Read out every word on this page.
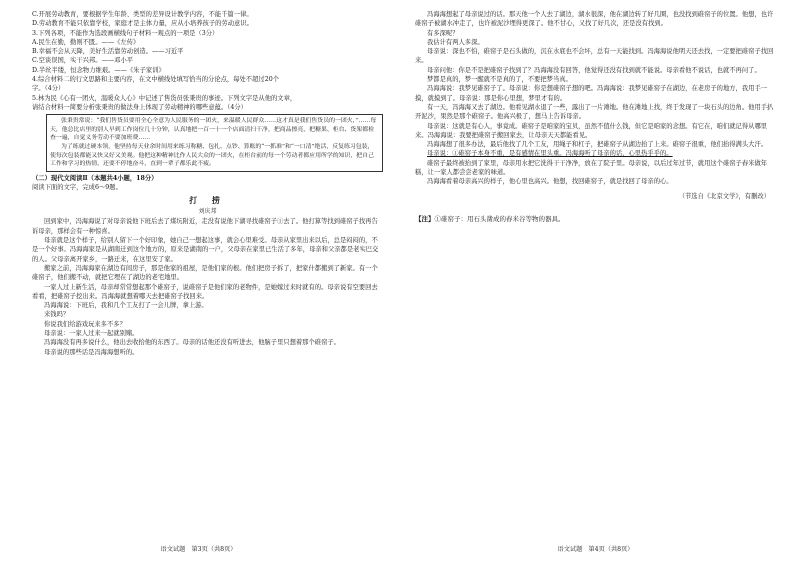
C.开展劳动教育，要根据学生年龄、类型的差异设计教学内容，不能千篇一律。

D.劳动教育不能只依靠学校，家庭才是主体力量，应从小培养孩子的劳动意识。

3.下列各项，不能作为选段画横线句子材料一观点的一项是（3分）

A.民生在勤，勤则不匮。——《左传》

B.幸福不会从天降，美好生活靠劳动创造。——习近平

C.空谈误国，实干兴邦。——邓小平

D.半丝半缕，恒念物力维艰。——《朱子家训》

4.综合材料二的行文思路和主要内容，在文中横线处填写恰当的分论点，每处不超过20个

字。（4分）

5.林为民《心有一团火，温暖众人心》中记述了售货员张秉贵的事迹。下列文字是从他的文章，

请结合材料一简要分析张秉贵的做法身上体现了劳动精神的哪些意蕴。（4分）

张秉贵常说：“我们售货员要用全心全意为人民服务的一团火，来温暖人民群众……这才真是我们售货员的一团火，”……每天，他总比店里的别人早到工作岗位几十分钟，认真地把一百一十一个店面清扫干净，把商品擦亮，把糖果、柜台、货架都检查一遍，自觉义务劳动不要加班费……

为了练就过硬本领，他坚持每天业余时间用来练习称糖、包扎、点钞、算账的“一抓准”和“一口清”绝活，反复练习包装，使每次包装都能又快又好又美观。他把这种精神比作人民大众的一团火，在柜台前的每一个劳动者都应用所学的知识，把自己工作和学习的热情，还要不停地奋斗，直到一辈子都乐此不疲。

（二）现代文阅读Ⅱ（本题共4小题，18分）

阅读下面的文字，完成6～9题。

打 捞

刘庆邦

回到家中，冯海海说了对母亲说他下班后去了煤坑附近，走没有说他下湖寻找碓窑子①去了。他打算等找到碓窑子找再告诉母亲，那样会有一种惊喜。

母亲就是这个样子，给别人留下一个好印象，她自己一想起这事，就会心里难受。母亲从家里出来以后，总是闷闷的，不是一个好事。冯海海家是从湖南迁到这个地方的，原来是湖南的一户，父母亲在家里已生活了多年，母亲和父亲都是老实巴交的人。父母亲离开家乡，一路迁来，在这里安了家。

搬家之前，冯海海家在湖边有间房子，那是他家的祖屋，是他们家的根。他们把房子拆了，把家什都搬到了新家。有一个碓窑子，他们搬不动，就把它埋在了湖边的老宅地里。

一家人过上新生活，母亲却常常想起那个碓窑子，说碓窑子是他们家的老物件，是她嫁过来时就有的。母亲说有空要回去看看，把碓窑子挖出来。冯海海就想着哪天去把碓窑子找回来。

冯海海说：下班后，我和几个工友打了一会儿牌，拿上游。

来钱吗？

你说我们给游戏玩来多不多？

母亲说：一家人过来一起就别赌。

冯海海没有再多说什么，他出去收拾他的东西了。母亲的话他还没有听进去，他脑子里只想着那个碓窑子。

母亲说的那些话是冯海海想听的。

语文试题　第3页（共8页）

冯海海想起了母亲说过的话。那天他一个人去了湖边，湖水很深，他在湖边转了好几圈，也没找到碓窑子的位置。他想，也许碓窑子被湖水冲走了，也许被泥沙埋得更深了。他不甘心，又找了好几次，还是没有找到。

有多深呢？

我估计有两人多深。

母亲说：深也不怕，碓窑子是石头做的，沉在水底也不会坏，总有一天能找到。冯海海说他明天还去找，一定要把碓窑子找回来。

母亲问他：你是不是把碓窑子找到了？冯海海没有回答，他觉得还没有找到就不能说。母亲看他不说话，也就不再问了。

梦都是真的，梦一醒就不是真的了，不要把梦当真。

冯海海说：我梦见碓窑子了。母亲说：你是想碓窑子想的吧。冯海海说：我梦见碓窑子在湖边，在老房子的地方，我用手一摸，就摸到了。母亲说：那是你心里想，梦里才有的。

有一天，冯海海又去了湖边。他看见湖水退了一些，露出了一片滩地。他在滩地上找，终于发现了一块石头的边角。他用手扒开泥沙，果然是那个碓窑子。他高兴极了，想马上告诉母亲。

母亲说：这就是有心人，事竟成。碓窑子是咱家的宝贝，虽然不值什么钱，但它是咱家的念想。有它在，咱们就记得从哪里来。冯海海说：我要把碓窑子搬回家去，让母亲天天都能看见。

冯海海想了很多办法，最后他找了几个工友，用绳子和杠子，把碓窑子从湖边抬了上来。碓窑子很重，他们抬得满头大汗。

母亲说：①碓窑子本身不重，是有感情在里头重。冯海海听了母亲的话，心里热乎乎的。

碓窑子最终被抬到了家里，母亲用水把它洗得干干净净，放在了院子里。母亲说，以后过年过节，就用这个碓窑子舂米做年糕，让一家人都尝尝老家的味道。

冯海海看着母亲高兴的样子，他心里也高兴。他想，找回碓窑子，就是找回了母亲的心。

（节选自《北京文学》，有删改）

【注】①碓窑子：用石头凿成的舂米谷等物的器具。

语文试题　第4页（共8页）
